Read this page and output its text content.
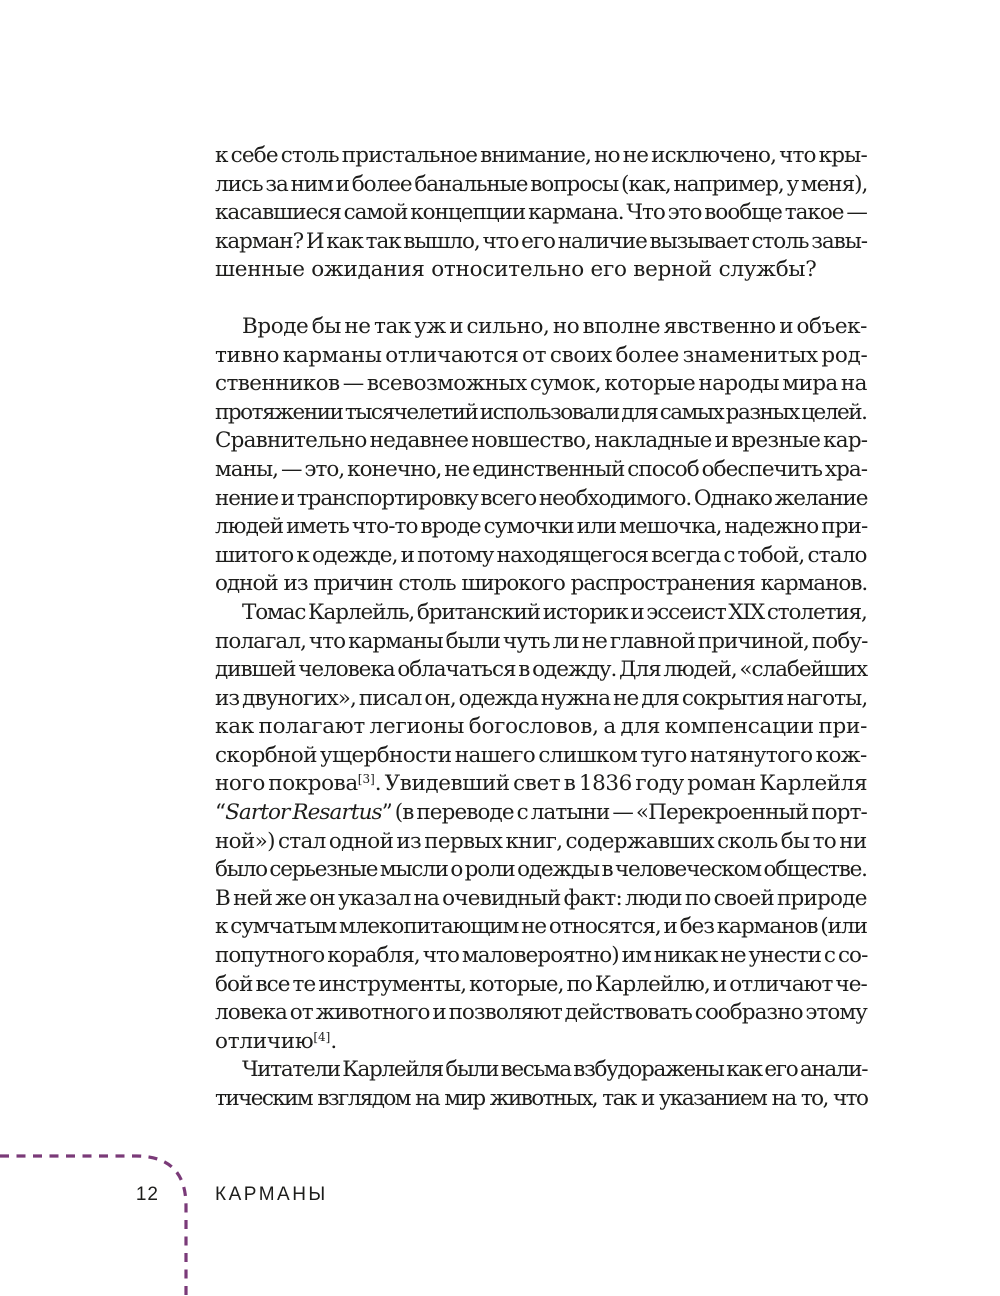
к себе столь пристальное внимание, но не исключено, что кры-
лись за ним и более банальные вопросы (как, например, у меня),
касавшиеся самой концепции кармана. Что это вообще такое —
карман? И как так вышло, что его наличие вызывает столь завы-
шенные ожидания относительно его верной службы?
Вроде бы не так уж и сильно, но вполне явственно и объек-
тивно карманы отличаются от своих более знаменитых род-
ственников — всевозможных сумок, которые народы мира на
протяжении тысячелетий использовали для самых разных целей.
Сравнительно недавнее новшество, накладные и врезные кар-
маны, — это, конечно, не единственный способ обеспечить хра-
нение и транспортировку всего необходимого. Однако желание
людей иметь что-то вроде сумочки или мешочка, надежно при-
шитого к одежде, и потому находящегося всегда с тобой, стало
одной из причин столь широкого распространения карманов.
Томас Карлейль, британский историк и эссеист XIX столетия,
полагал, что карманы были чуть ли не главной причиной, побу-
дившей человека облачаться в одежду. Для людей, «слабейших
из двуногих», писал он, одежда нужна не для сокрытия наготы,
как полагают легионы богословов, а для компенсации при-
скорбной ущербности нашего слишком туго натянутого кож-
ного покрова[3]. Увидевший свет в 1836 году роман Карлейля
“Sartor Resartus” (в переводе с латыни — «Перекроенный порт-
ной») стал одной из первых книг, содержавших сколь бы то ни
было серьезные мысли о роли одежды в человеческом обществе.
В ней же он указал на очевидный факт: люди по своей природе
к сумчатым млекопитающим не относятся, и без карманов (или
попутного корабля, что маловероятно) им никак не унести с со-
бой все те инструменты, которые, по Карлейлю, и отличают че-
ловека от животного и позволяют действовать сообразно этому
отличию[4].
Читатели Карлейля были весьма взбудоражены как его анали-
тическим взглядом на мир животных, так и указанием на то, что
12	КАРМАНЫ
